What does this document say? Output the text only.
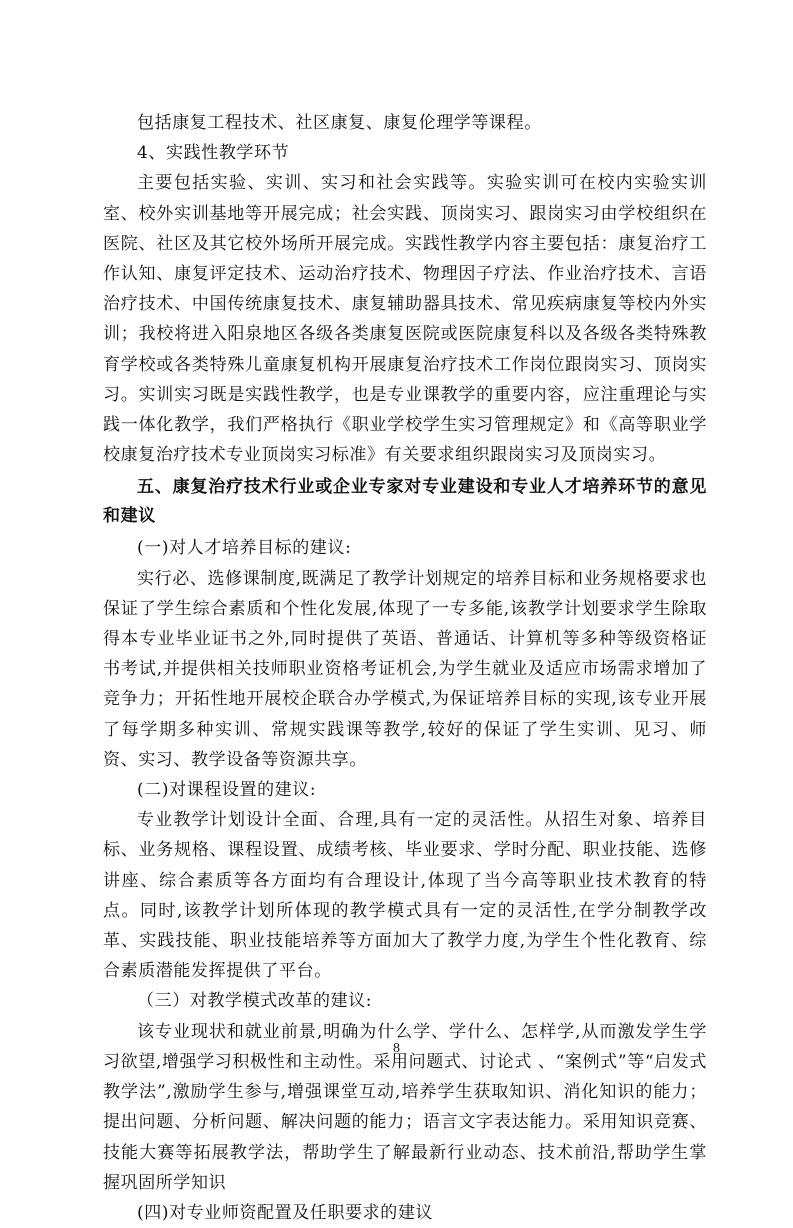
包括康复工程技术、社区康复、康复伦理学等课程。

4、实践性教学环节

主要包括实验、实训、实习和社会实践等。实验实训可在校内实验实训室、校外实训基地等开展完成；社会实践、顶岗实习、跟岗实习由学校组织在医院、社区及其它校外场所开展完成。实践性教学内容主要包括：康复治疗工作认知、康复评定技术、运动治疗技术、物理因子疗法、作业治疗技术、言语治疗技术、中国传统康复技术、康复辅助器具技术、常见疾病康复等校内外实训；我校将进入阳泉地区各级各类康复医院或医院康复科以及各级各类特殊教育学校或各类特殊儿童康复机构开展康复治疗技术工作岗位跟岗实习、顶岗实习。实训实习既是实践性教学，也是专业课教学的重要内容，应注重理论与实践一体化教学，我们严格执行《职业学校学生实习管理规定》和《高等职业学校康复治疗技术专业顶岗实习标准》有关要求组织跟岗实习及顶岗实习。

五、康复治疗技术行业或企业专家对专业建设和专业人才培养环节的意见和建议

(一)对人才培养目标的建议:

实行必、选修课制度,既满足了教学计划规定的培养目标和业务规格要求也保证了学生综合素质和个性化发展,体现了一专多能,该教学计划要求学生除取得本专业毕业证书之外,同时提供了英语、普通话、计算机等多种等级资格证书考试,并提供相关技师职业资格考证机会,为学生就业及适应市场需求增加了竞争力；开拓性地开展校企联合办学模式,为保证培养目标的实现,该专业开展了每学期多种实训、常规实践课等教学,较好的保证了学生实训、见习、师资、实习、教学设备等资源共享。

(二)对课程设置的建议:

专业教学计划设计全面、合理,具有一定的灵活性。从招生对象、培养目标、业务规格、课程设置、成绩考核、毕业要求、学时分配、职业技能、选修讲座、综合素质等各方面均有合理设计,体现了当今高等职业技术教育的特点。同时,该教学计划所体现的教学模式具有一定的灵活性,在学分制教学改革、实践技能、职业技能培养等方面加大了教学力度,为学生个性化教育、综合素质潜能发挥提供了平台。

（三）对教学模式改革的建议:

该专业现状和就业前景,明确为什么学、学什么、怎样学,从而激发学生学习欲望,增强学习积极性和主动性。采用问题式、讨论式 、“案例式”等“启发式教学法”,激励学生参与,增强课堂互动,培养学生获取知识、消化知识的能力；提出问题、分析问题、解决问题的能力；语言文字表达能力。采用知识竞赛、技能大赛等拓展教学法，帮助学生了解最新行业动态、技术前沿,帮助学生掌握巩固所学知识

(四)对专业师资配置及任职要求的建议

8
